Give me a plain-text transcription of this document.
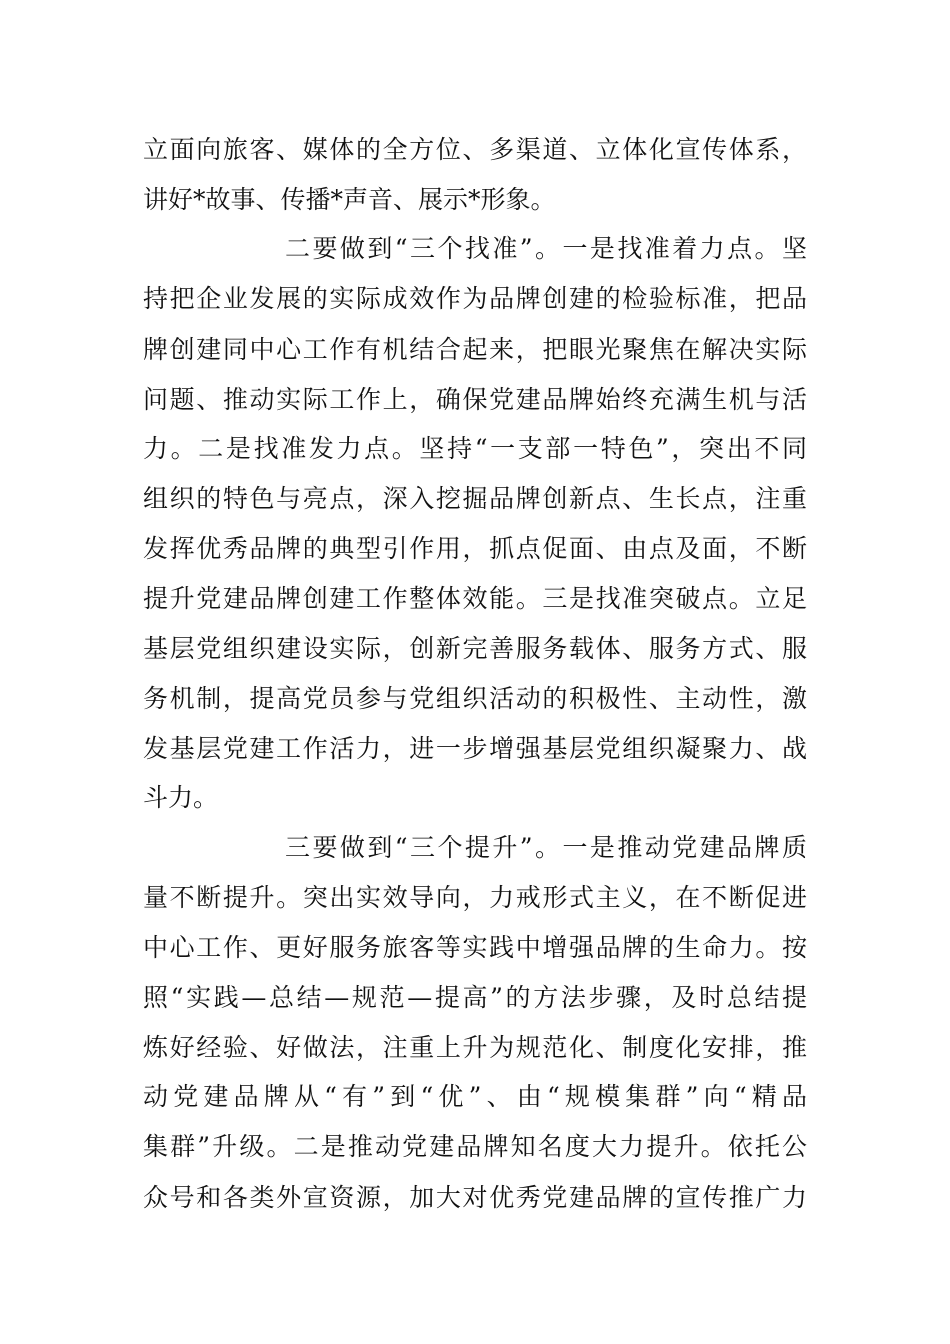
立面向旅客、媒体的全方位、多渠道、立体化宣传体系，
讲好*故事、传播*声音、展示*形象。
二要做到“三个找准”。一是找准着力点。坚
持把企业发展的实际成效作为品牌创建的检验标准，把品
牌创建同中心工作有机结合起来，把眼光聚焦在解决实际
问题、推动实际工作上，确保党建品牌始终充满生机与活
力。二是找准发力点。坚持“一支部一特色”，突出不同
组织的特色与亮点，深入挖掘品牌创新点、生长点，注重
发挥优秀品牌的典型引作用，抓点促面、由点及面，不断
提升党建品牌创建工作整体效能。三是找准突破点。立足
基层党组织建设实际，创新完善服务载体、服务方式、服
务机制，提高党员参与党组织活动的积极性、主动性，激
发基层党建工作活力，进一步增强基层党组织凝聚力、战
斗力。
三要做到“三个提升”。一是推动党建品牌质
量不断提升。突出实效导向，力戒形式主义，在不断促进
中心工作、更好服务旅客等实践中增强品牌的生命力。按
照“实践—总结—规范—提高”的方法步骤，及时总结提
炼好经验、好做法，注重上升为规范化、制度化安排，推
动党建品牌从“有”到“优”、由“规模集群”向“精品
集群”升级。二是推动党建品牌知名度大力提升。依托公
众号和各类外宣资源，加大对优秀党建品牌的宣传推广力
